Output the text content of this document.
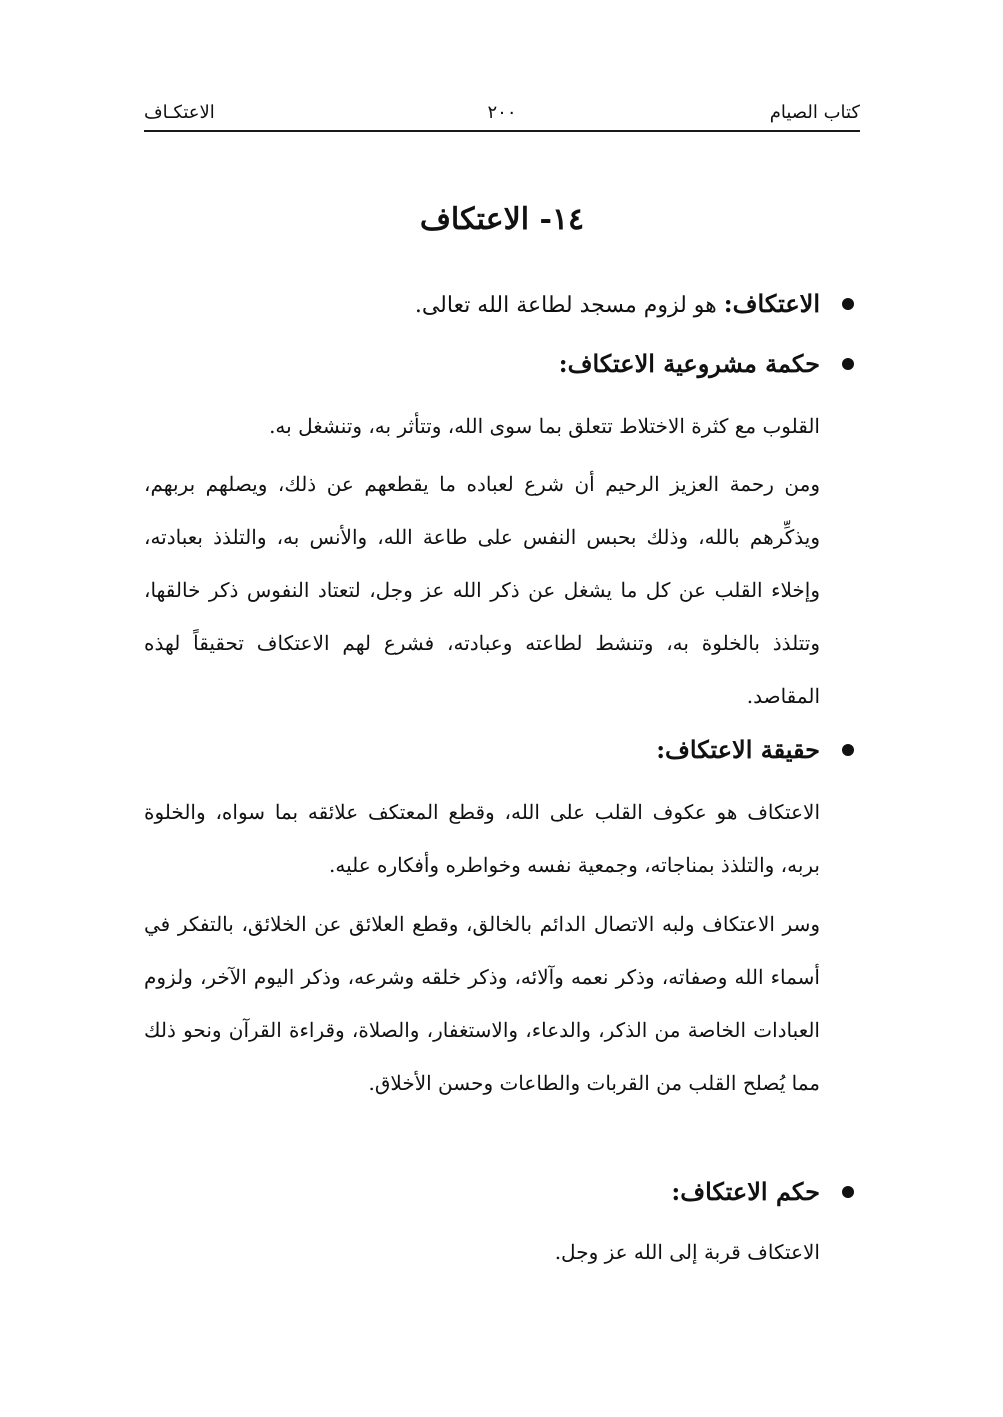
كتاب الصيام
٢٠٠
الاعتكـاف
١٤- الاعتكاف
الاعتكاف: هو لزوم مسجد لطاعة الله تعالى.
حكمة مشروعية الاعتكاف:
القلوب مع كثرة الاختلاط تتعلق بما سوى الله، وتتأثر به، وتنشغل به.
ومن رحمة العزيز الرحيم أن شرع لعباده ما يقطعهم عن ذلك، ويصلهم بربهم، ويذكِّرهم بالله، وذلك بحبس النفس على طاعة الله، والأنس به، والتلذذ بعبادته، وإخلاء القلب عن كل ما يشغل عن ذكر الله عز وجل، لتعتاد النفوس ذكر خالقها، وتتلذذ بالخلوة به، وتنشط لطاعته وعبادته، فشرع لهم الاعتكاف تحقيقاً لهذه المقاصد.
حقيقة الاعتكاف:
الاعتكاف هو عكوف القلب على الله، وقطع المعتكف علائقه بما سواه، والخلوة بربه، والتلذذ بمناجاته، وجمعية نفسه وخواطره وأفكاره عليه.
وسر الاعتكاف ولبه الاتصال الدائم بالخالق، وقطع العلائق عن الخلائق، بالتفكر في أسماء الله وصفاته، وذكر نعمه وآلائه، وذكر خلقه وشرعه، وذكر اليوم الآخر، ولزوم العبادات الخاصة من الذكر، والدعاء، والاستغفار، والصلاة، وقراءة القرآن ونحو ذلك مما يُصلح القلب من القربات والطاعات وحسن الأخلاق.
حكم الاعتكاف:
الاعتكاف قربة إلى الله عز وجل.
